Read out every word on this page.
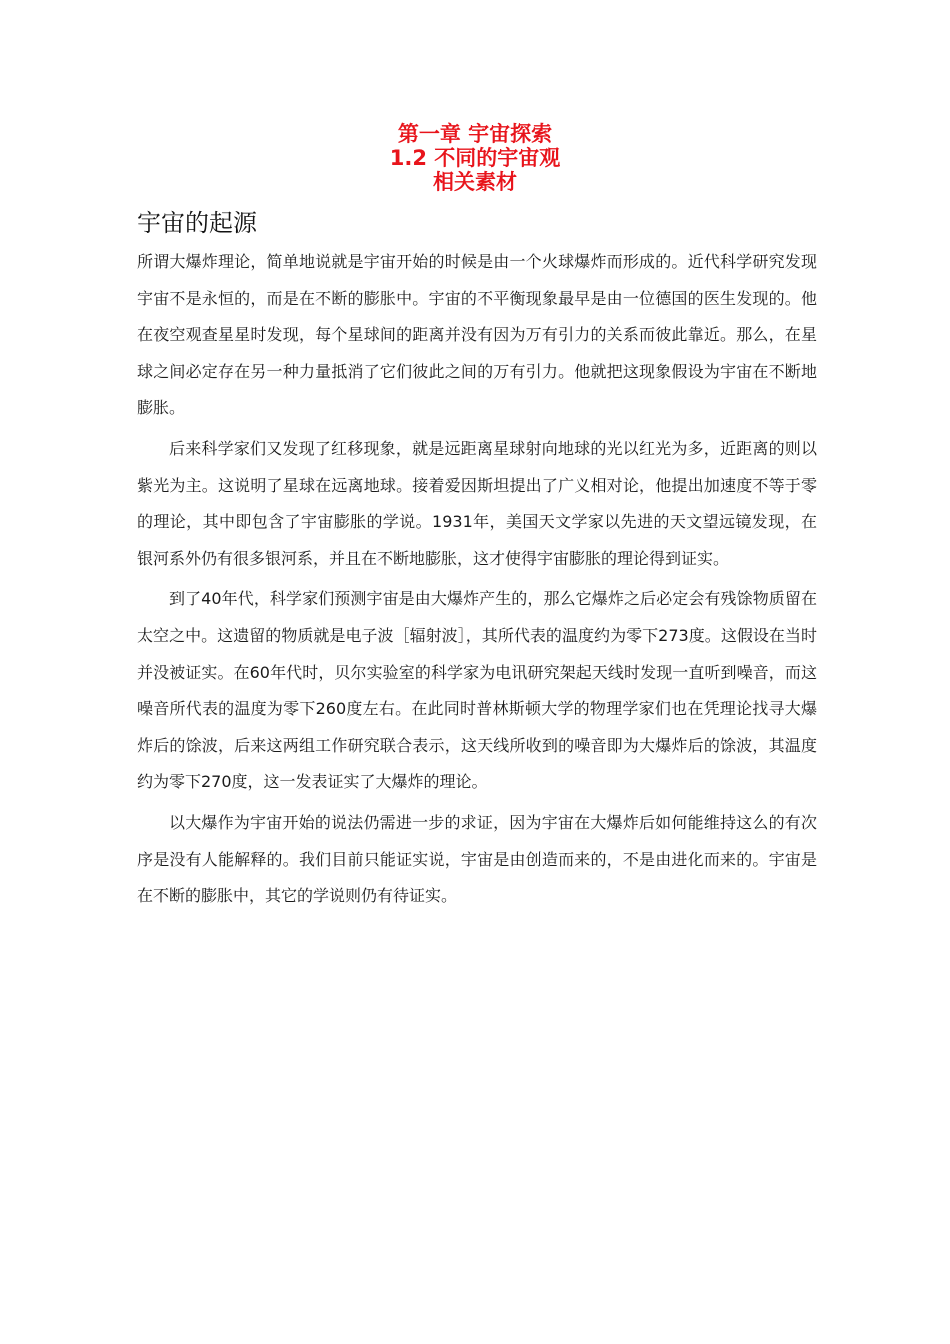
第一章 宇宙探索
1.2 不同的宇宙观
相关素材
宇宙的起源

所谓大爆炸理论，简单地说就是宇宙开始的时候是由一个火球爆炸而形成的。近代科学研究发现宇宙不是永恒的，而是在不断的膨胀中。宇宙的不平衡现象最早是由一位德国的医生发现的。他在夜空观查星星时发现，每个星球间的距离并没有因为万有引力的关系而彼此靠近。那么，在星球之间必定存在另一种力量抵消了它们彼此之间的万有引力。他就把这现象假设为宇宙在不断地膨胀。

后来科学家们又发现了红移现象，就是远距离星球射向地球的光以红光为多，近距离的则以紫光为主。这说明了星球在远离地球。接着爱因斯坦提出了广义相对论，他提出加速度不等于零的理论，其中即包含了宇宙膨胀的学说。1931年，美国天文学家以先进的天文望远镜发现，在银河系外仍有很多银河系，并且在不断地膨胀，这才使得宇宙膨胀的理论得到证实。

到了40年代，科学家们预测宇宙是由大爆炸产生的，那么它爆炸之后必定会有残馀物质留在太空之中。这遗留的物质就是电子波［辐射波］，其所代表的温度约为零下273度。这假设在当时并没被证实。在60年代时，贝尔实验室的科学家为电讯研究架起天线时发现一直听到噪音，而这噪音所代表的温度为零下260度左右。在此同时普林斯顿大学的物理学家们也在凭理论找寻大爆炸后的馀波，后来这两组工作研究联合表示，这天线所收到的噪音即为大爆炸后的馀波，其温度约为零下270度，这一发表证实了大爆炸的理论。

以大爆作为宇宙开始的说法仍需进一步的求证，因为宇宙在大爆炸后如何能维持这么的有次序是没有人能解释的。我们目前只能证实说，宇宙是由创造而来的，不是由进化而来的。宇宙是在不断的膨胀中，其它的学说则仍有待证实。
